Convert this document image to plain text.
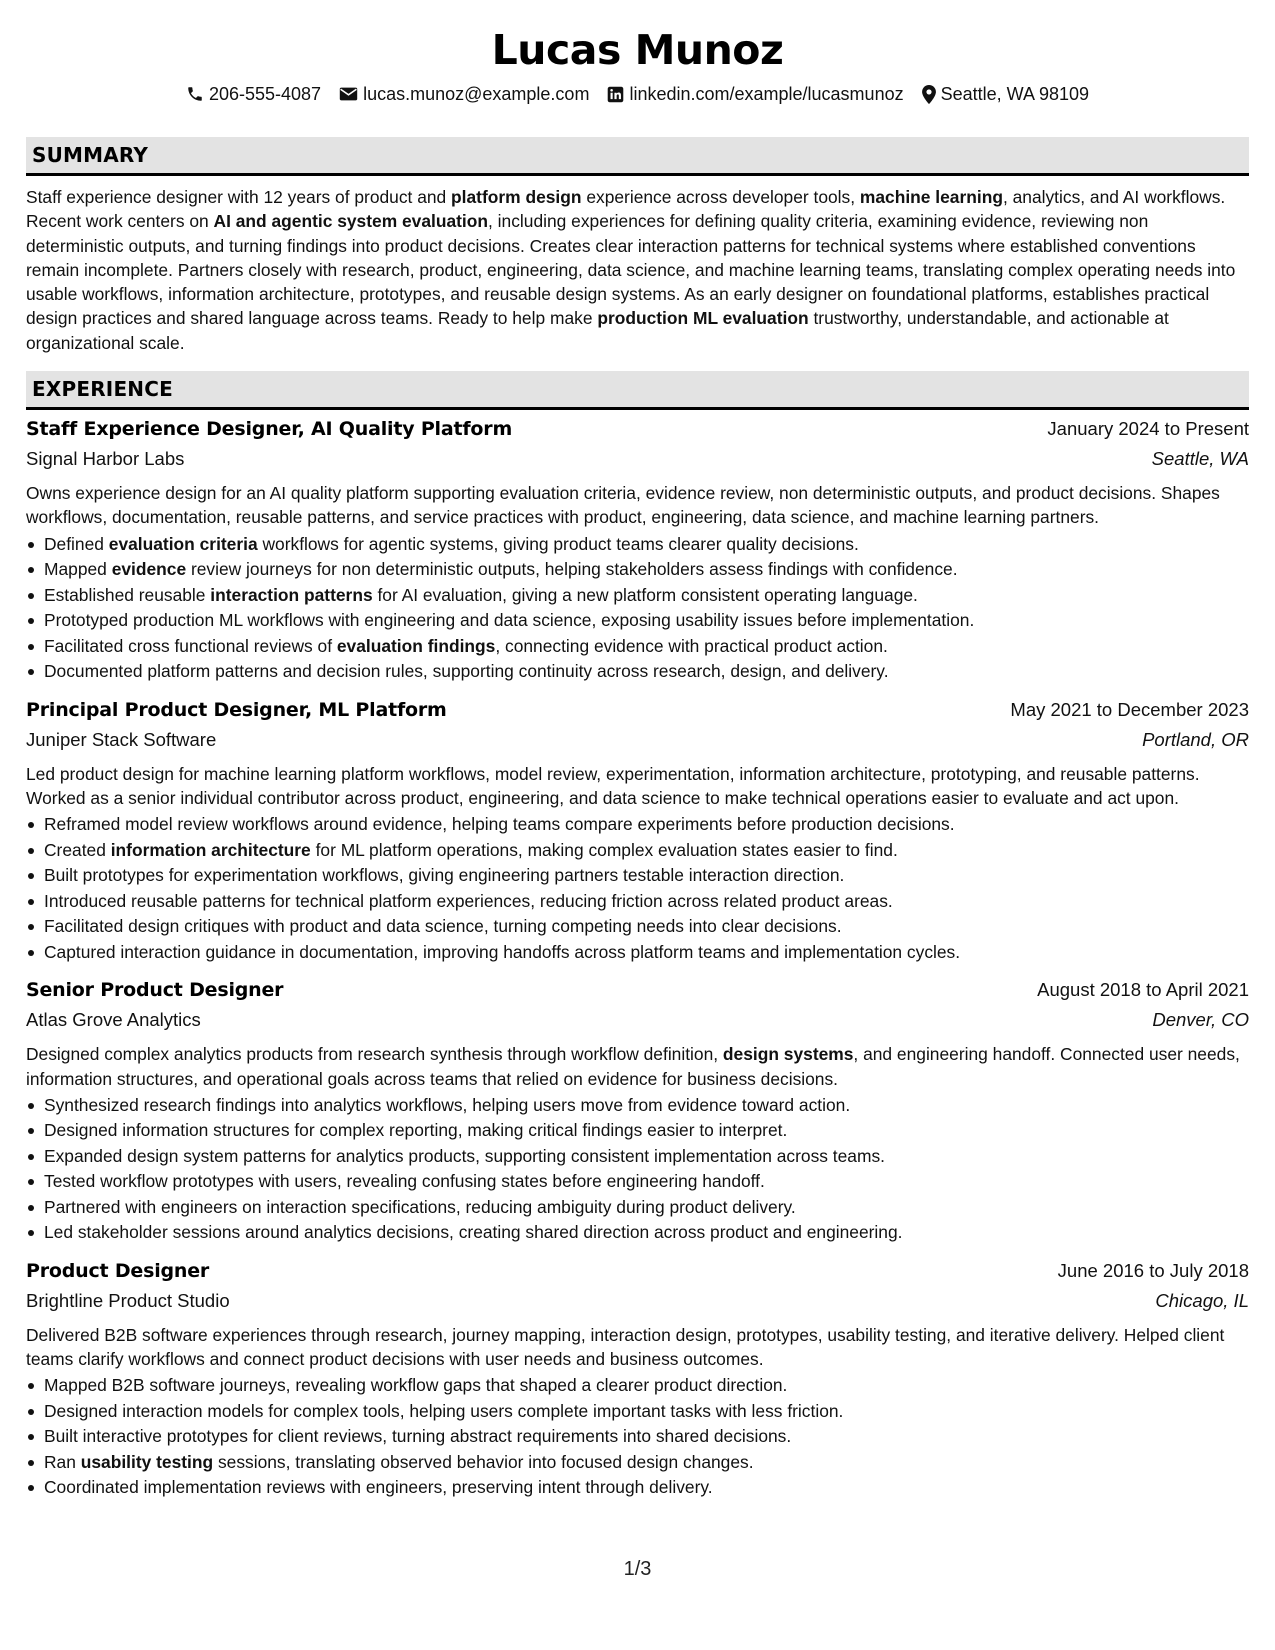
Lucas Munoz
206-555-4087 lucas.munoz@example.com linkedin.com/example/lucasmunoz Seattle, WA 98109
SUMMARY

Staff experience designer with 12 years of product and platform design experience across developer tools, machine learning, analytics, and AI workflows. Recent work centers on AI and agentic system evaluation, including experiences for defining quality criteria, examining evidence, reviewing non deterministic outputs, and turning findings into product decisions. Creates clear interaction patterns for technical systems where established conventions remain incomplete. Partners closely with research, product, engineering, data science, and machine learning teams, translating complex operating needs into usable workflows, information architecture, prototypes, and reusable design systems. As an early designer on foundational platforms, establishes practical design practices and shared language across teams. Ready to help make production ML evaluation trustworthy, understandable, and actionable at organizational scale.

EXPERIENCE
Staff Experience Designer, AI Quality Platform	January 2024 to Present
Signal Harbor Labs	Seattle, WA

Owns experience design for an AI quality platform supporting evaluation criteria, evidence review, non deterministic outputs, and product decisions. Shapes workflows, documentation, reusable patterns, and service practices with product, engineering, data science, and machine learning partners.

Defined evaluation criteria workflows for agentic systems, giving product teams clearer quality decisions.
Mapped evidence review journeys for non deterministic outputs, helping stakeholders assess findings with confidence.
Established reusable interaction patterns for AI evaluation, giving a new platform consistent operating language.
Prototyped production ML workflows with engineering and data science, exposing usability issues before implementation.
Facilitated cross functional reviews of evaluation findings, connecting evidence with practical product action.
Documented platform patterns and decision rules, supporting continuity across research, design, and delivery.
Principal Product Designer, ML Platform	May 2021 to December 2023
Juniper Stack Software	Portland, OR

Led product design for machine learning platform workflows, model review, experimentation, information architecture, prototyping, and reusable patterns. Worked as a senior individual contributor across product, engineering, and data science to make technical operations easier to evaluate and act upon.

Reframed model review workflows around evidence, helping teams compare experiments before production decisions.
Created information architecture for ML platform operations, making complex evaluation states easier to find.
Built prototypes for experimentation workflows, giving engineering partners testable interaction direction.
Introduced reusable patterns for technical platform experiences, reducing friction across related product areas.
Facilitated design critiques with product and data science, turning competing needs into clear decisions.
Captured interaction guidance in documentation, improving handoffs across platform teams and implementation cycles.
Senior Product Designer	August 2018 to April 2021
Atlas Grove Analytics	Denver, CO

Designed complex analytics products from research synthesis through workflow definition, design systems, and engineering handoff. Connected user needs, information structures, and operational goals across teams that relied on evidence for business decisions.

Synthesized research findings into analytics workflows, helping users move from evidence toward action.
Designed information structures for complex reporting, making critical findings easier to interpret.
Expanded design system patterns for analytics products, supporting consistent implementation across teams.
Tested workflow prototypes with users, revealing confusing states before engineering handoff.
Partnered with engineers on interaction specifications, reducing ambiguity during product delivery.
Led stakeholder sessions around analytics decisions, creating shared direction across product and engineering.
Product Designer	June 2016 to July 2018
Brightline Product Studio	Chicago, IL

Delivered B2B software experiences through research, journey mapping, interaction design, prototypes, usability testing, and iterative delivery. Helped client teams clarify workflows and connect product decisions with user needs and business outcomes.

Mapped B2B software journeys, revealing workflow gaps that shaped a clearer product direction.
Designed interaction models for complex tools, helping users complete important tasks with less friction.
Built interactive prototypes for client reviews, turning abstract requirements into shared decisions.
Ran usability testing sessions, translating observed behavior into focused design changes.
Coordinated implementation reviews with engineers, preserving intent through delivery.
1/3
